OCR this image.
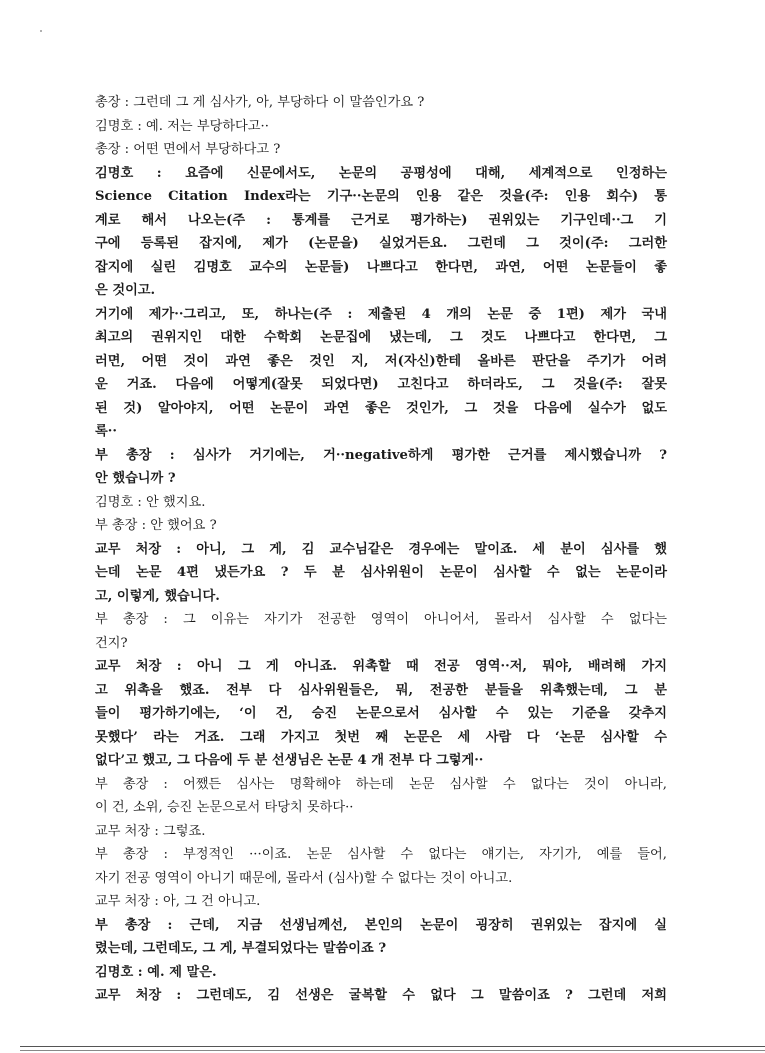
총장 : 그런데 그 게 심사가, 아, 부당하다 이 말씀인가요 ?
김명호 : 예. 저는 부당하다고··
총장 : 어떤 면에서 부당하다고 ?
김명호 : 요즘에 신문에서도, 논문의 공평성에 대해, 세계적으로 인정하는
Science Citation Index라는 기구··논문의 인용 같은 것을(주: 인용 회수) 통
계로 해서 나오는(주 : 통계를 근거로 평가하는) 권위있는 기구인데··그 기
구에 등록된 잡지에, 제가 (논문을) 실었거든요. 그런데 그 것이(주: 그러한
잡지에 실린 김명호 교수의 논문들) 나쁘다고 한다면, 과연, 어떤 논문들이 좋
은 것이고.
거기에 제가··그리고, 또, 하나는(주 : 제출된 4 개의 논문 중 1편) 제가 국내
최고의 권위지인 대한 수학회 논문집에 냈는데, 그 것도 나쁘다고 한다면, 그
러면, 어떤 것이 과연 좋은 것인 지, 저(자신)한테 올바른 판단을 주기가 어려
운 거죠. 다음에 어떻게(잘못 되었다면) 고친다고 하더라도, 그 것을(주: 잘못
된 것) 알아야지, 어떤 논문이 과연 좋은 것인가, 그 것을 다음에 실수가 없도
록··
부 총장 : 심사가 거기에는, 거··negative하게 평가한 근거를 제시했습니까 ?
안 했습니까 ?
김명호 : 안 했지요.
부 총장 : 안 했어요 ?
교무 처장 : 아니, 그 게, 김 교수님같은 경우에는 말이죠. 세 분이 심사를 했
는데 논문 4편 냈든가요 ? 두 분 심사위원이 논문이 심사할 수 없는 논문이라
고, 이렇게, 했습니다.
부 총장 : 그 이유는 자기가 전공한 영역이 아니어서, 몰라서 심사할 수 없다는
건지?
교무 처장 : 아니 그 게 아니죠. 위촉할 때 전공 영역··저, 뭐야, 배려해 가지
고 위촉을 했죠. 전부 다 심사위원들은, 뭐, 전공한 분들을 위촉했는데, 그 분
들이 평가하기에는, ‘이 건, 승진 논문으로서 심사할 수 있는 기준을 갖추지
못했다’ 라는 거죠. 그래 가지고 첫번 째 논문은 세 사람 다 ‘논문 심사할 수
없다’고 했고, 그 다음에 두 분 선생님은 논문 4 개 전부 다 그렇게··
부 총장 : 어쨌든 심사는 명확해야 하는데 논문 심사할 수 없다는 것이 아니라,
이 건, 소위, 승진 논문으로서 타당치 못하다··
교무 처장 : 그렇죠.
부 총장 : 부정적인 ···이죠. 논문 심사할 수 없다는 얘기는, 자기가, 예를 들어,
자기 전공 영역이 아니기 때문에, 몰라서 (심사)할 수 없다는 것이 아니고.
교무 처장 : 아, 그 건 아니고.
부 총장 : 근데, 지금 선생님께선, 본인의 논문이 굉장히 권위있는 잡지에 실
렸는데, 그런데도, 그 게, 부결되었다는 말씀이죠 ?
김명호 : 예. 제 말은.
교무 처장 : 그런데도, 김 선생은 굴복할 수 없다 그 말씀이죠 ? 그런데 저희
